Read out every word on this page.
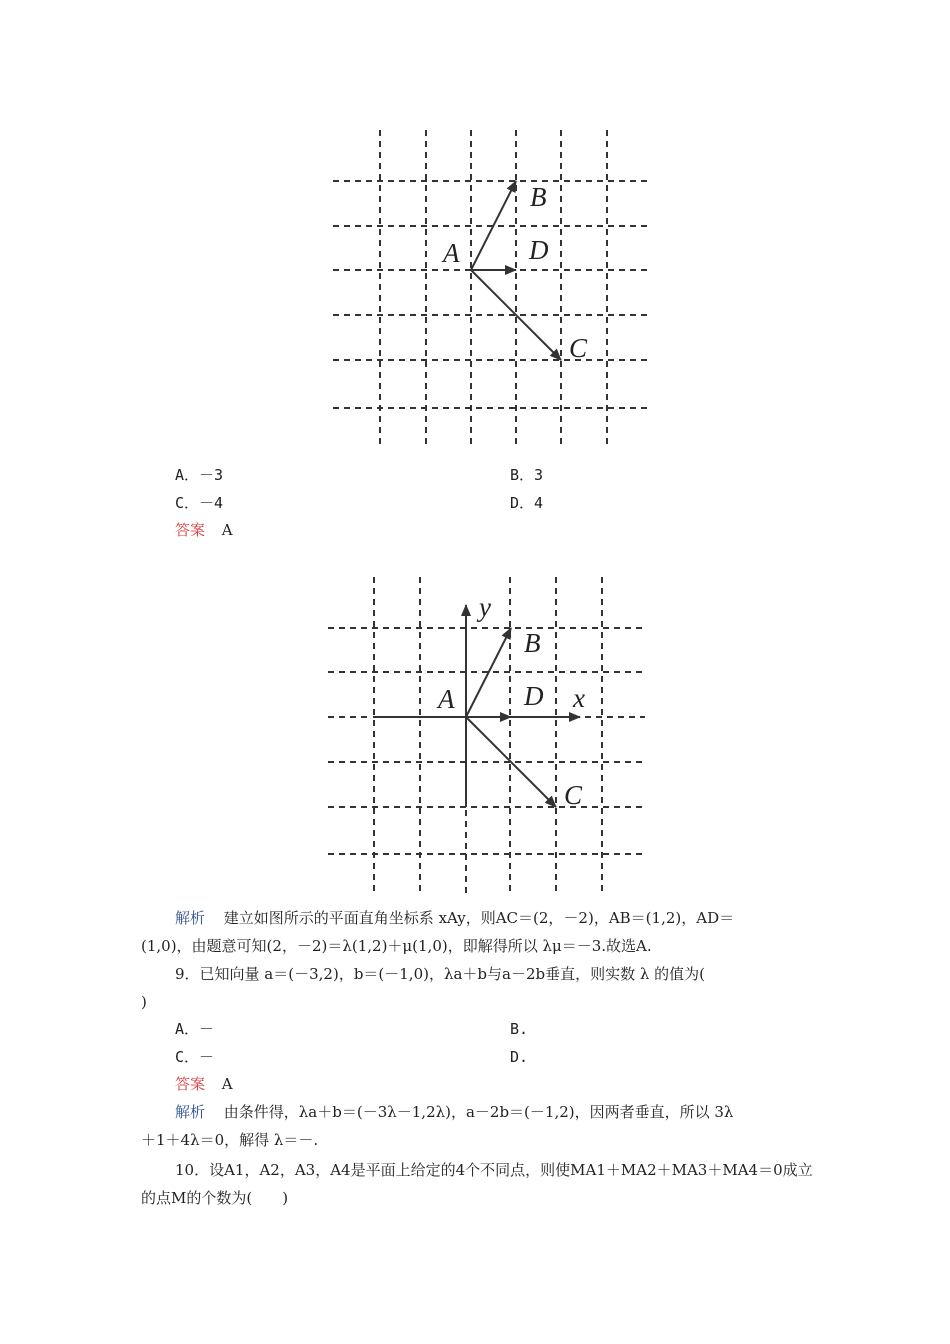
A
B
D
C
A．－3	B．3
C．－4	D．4
答案 A
y
A
B
D x
C
解析 建立如图所示的平面直角坐标系 xAy，则AC＝(2，－2)，AB＝(1,2)，AD＝
(1,0)，由题意可知(2，－2)＝λ(1,2)＋μ(1,0)，即解得所以 λμ＝－3.故选A.
9．已知向量 a＝(－3,2)，b＝(－1,0)，λa＋b与a－2b垂直，则实数 λ 的值为(
)
A．－	B.
C．－	D.
答案 A
解析 由条件得，λa＋b＝(－3λ－1,2λ)，a－2b＝(－1,2)，因两者垂直，所以 3λ
＋1＋4λ＝0，解得 λ＝－.
10．设A1，A2，A3，A4是平面上给定的4个不同点，则使MA1＋MA2＋MA3＋MA4＝0成立
的点M的个数为(　　)
